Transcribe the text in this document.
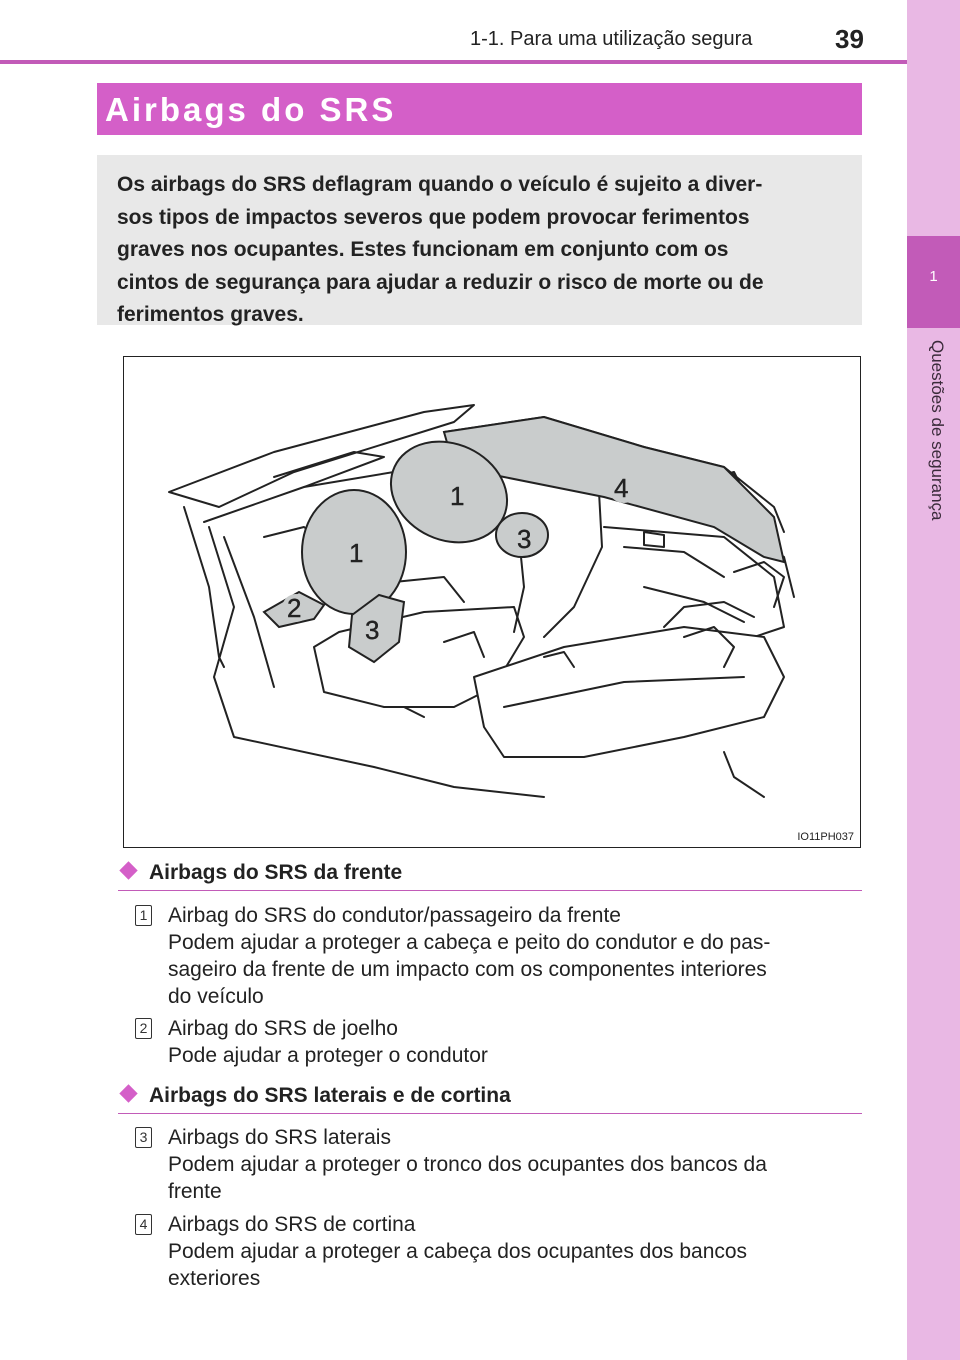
1-1. Para uma utilização segura	39
1
Questões de segurança
Airbags do SRS

Os airbags do SRS deflagram quando o veículo é sujeito a diver-
sos tipos de impactos severos que podem provocar ferimentos
graves nos ocupantes. Estes funcionam em conjunto com os
cintos de segurança para ajudar a reduzir o risco de morte ou de
ferimentos graves.

1
1
2
3
3
4
IO11PH037
Airbags do SRS da frente
1 Airbag do SRS do condutor/passageiro da frente
Podem ajudar a proteger a cabeça e peito do condutor e do pas-
sageiro da frente de um impacto com os componentes interiores
do veículo
2 Airbag do SRS de joelho
Pode ajudar a proteger o condutor
Airbags do SRS laterais e de cortina
3 Airbags do SRS laterais
Podem ajudar a proteger o tronco dos ocupantes dos bancos da
frente
4 Airbags do SRS de cortina
Podem ajudar a proteger a cabeça dos ocupantes dos bancos
exteriores
